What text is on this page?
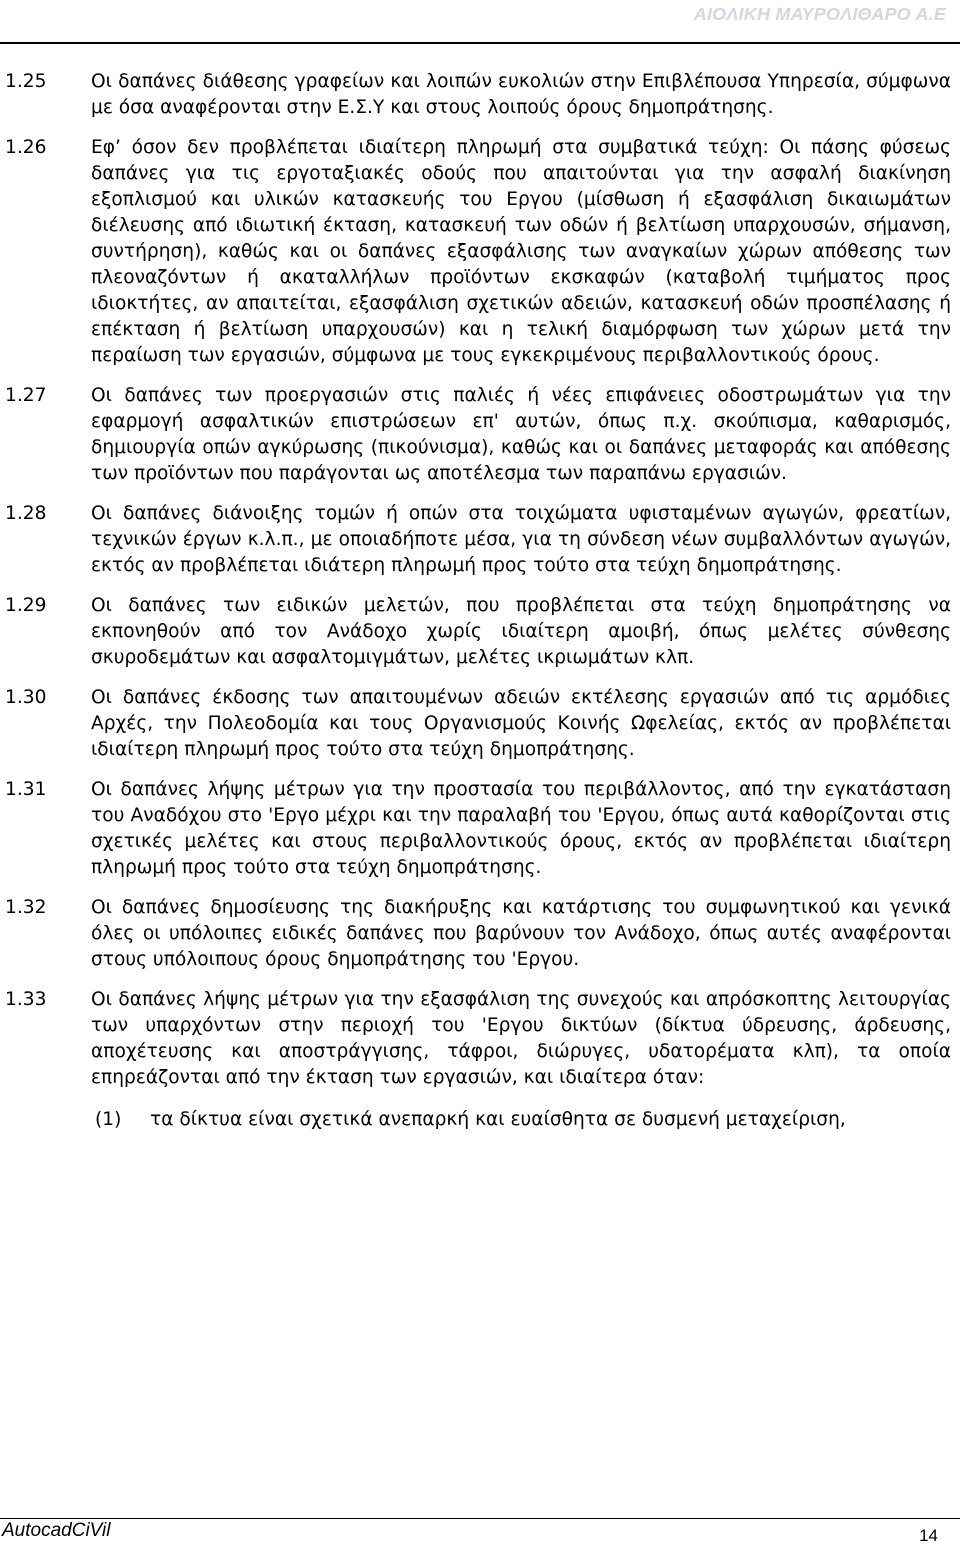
ΑΙΟΛΙΚΗ ΜΑΥΡΟΛΙΘΑΡΟ Α.Ε
1.25 Οι δαπάνες διάθεσης γραφείων και λοιπών ευκολιών στην Επιβλέπουσα Υπηρεσία, σύμφωνα με όσα αναφέρονται στην Ε.Σ.Υ και στους λοιπούς όρους δημοπράτησης.
1.26 Εφ’ όσον δεν προβλέπεται ιδιαίτερη πληρωμή στα συμβατικά τεύχη: Οι πάσης φύσεως δαπάνες για τις εργοταξιακές οδούς που απαιτούνται για την ασφαλή διακίνηση εξοπλισμού και υλικών κατασκευής του Εργου (μίσθωση ή εξασφάλιση δικαιωμάτων διέλευσης από ιδιωτική έκταση, κατασκευή των οδών ή βελτίωση υπαρχουσών, σήμανση, συντήρηση), καθώς και οι δαπάνες εξασφάλισης των αναγκαίων χώρων απόθεσης των πλεοναζόντων ή ακαταλλήλων προϊόντων εκσκαφών (καταβολή τιμήματος προς ιδιοκτήτες, αν απαιτείται, εξασφάλιση σχετικών αδειών, κατασκευή οδών προσπέλασης ή επέκταση ή βελτίωση υπαρχουσών) και η τελική διαμόρφωση των χώρων μετά την περαίωση των εργασιών, σύμφωνα με τους εγκεκριμένους περιβαλλοντικούς όρους.
1.27 Οι δαπάνες των προεργασιών στις παλιές ή νέες επιφάνειες οδοστρωμάτων για την εφαρμογή ασφαλτικών επιστρώσεων επ' αυτών, όπως π.χ. σκούπισμα, καθαρισμός, δημιουργία οπών αγκύρωσης (πικούνισμα), καθώς και οι δαπάνες μεταφοράς και απόθεσης των προϊόντων που παράγονται ως αποτέλεσμα των παραπάνω εργασιών.
1.28 Οι δαπάνες διάνοιξης τομών ή οπών στα τοιχώματα υφισταμένων αγωγών, φρεατίων, τεχνικών έργων κ.λ.π., με οποιαδήποτε μέσα, για τη σύνδεση νέων συμβαλλόντων αγωγών, εκτός αν προβλέπεται ιδιάτερη πληρωμή προς τούτο στα τεύχη δημοπράτησης.
1.29 Οι δαπάνες των ειδικών μελετών, που προβλέπεται στα τεύχη δημοπράτησης να εκπονηθούν από τον Ανάδοχο χωρίς ιδιαίτερη αμοιβή, όπως μελέτες σύνθεσης σκυροδεμάτων και ασφαλτομιγμάτων, μελέτες ικριωμάτων κλπ.
1.30 Οι δαπάνες έκδοσης των απαιτουμένων αδειών εκτέλεσης εργασιών από τις αρμόδιες Αρχές, την Πολεοδομία και τους Οργανισμούς Κοινής Ωφελείας, εκτός αν προβλέπεται ιδιαίτερη πληρωμή προς τούτο στα τεύχη δημοπράτησης.
1.31 Οι δαπάνες λήψης μέτρων για την προστασία του περιβάλλοντος, από την εγκατάσταση του Αναδόχου στο 'Εργο μέχρι και την παραλαβή του 'Εργου, όπως αυτά καθορίζονται στις σχετικές μελέτες και στους περιβαλλοντικούς όρους, εκτός αν προβλέπεται ιδιαίτερη πληρωμή προς τούτο στα τεύχη δημοπράτησης.
1.32 Οι δαπάνες δημοσίευσης της διακήρυξης και κατάρτισης του συμφωνητικού και γενικά όλες οι υπόλοιπες ειδικές δαπάνες που βαρύνουν τον Ανάδοχο, όπως αυτές αναφέρονται στους υπόλοιπους όρους δημοπράτησης του 'Εργου.
1.33 Οι δαπάνες λήψης μέτρων για την εξασφάλιση της συνεχούς και απρόσκοπτης λειτουργίας των υπαρχόντων στην περιοχή του 'Εργου δικτύων (δίκτυα ύδρευσης, άρδευσης, αποχέτευσης και αποστράγγισης, τάφροι, διώρυγες, υδατορέματα κλπ), τα οποία επηρεάζονται από την έκταση των εργασιών, και ιδιαίτερα όταν:
(1) τα δίκτυα είναι σχετικά ανεπαρκή και ευαίσθητα σε δυσμενή μεταχείριση,
AutocadCiVil	14
